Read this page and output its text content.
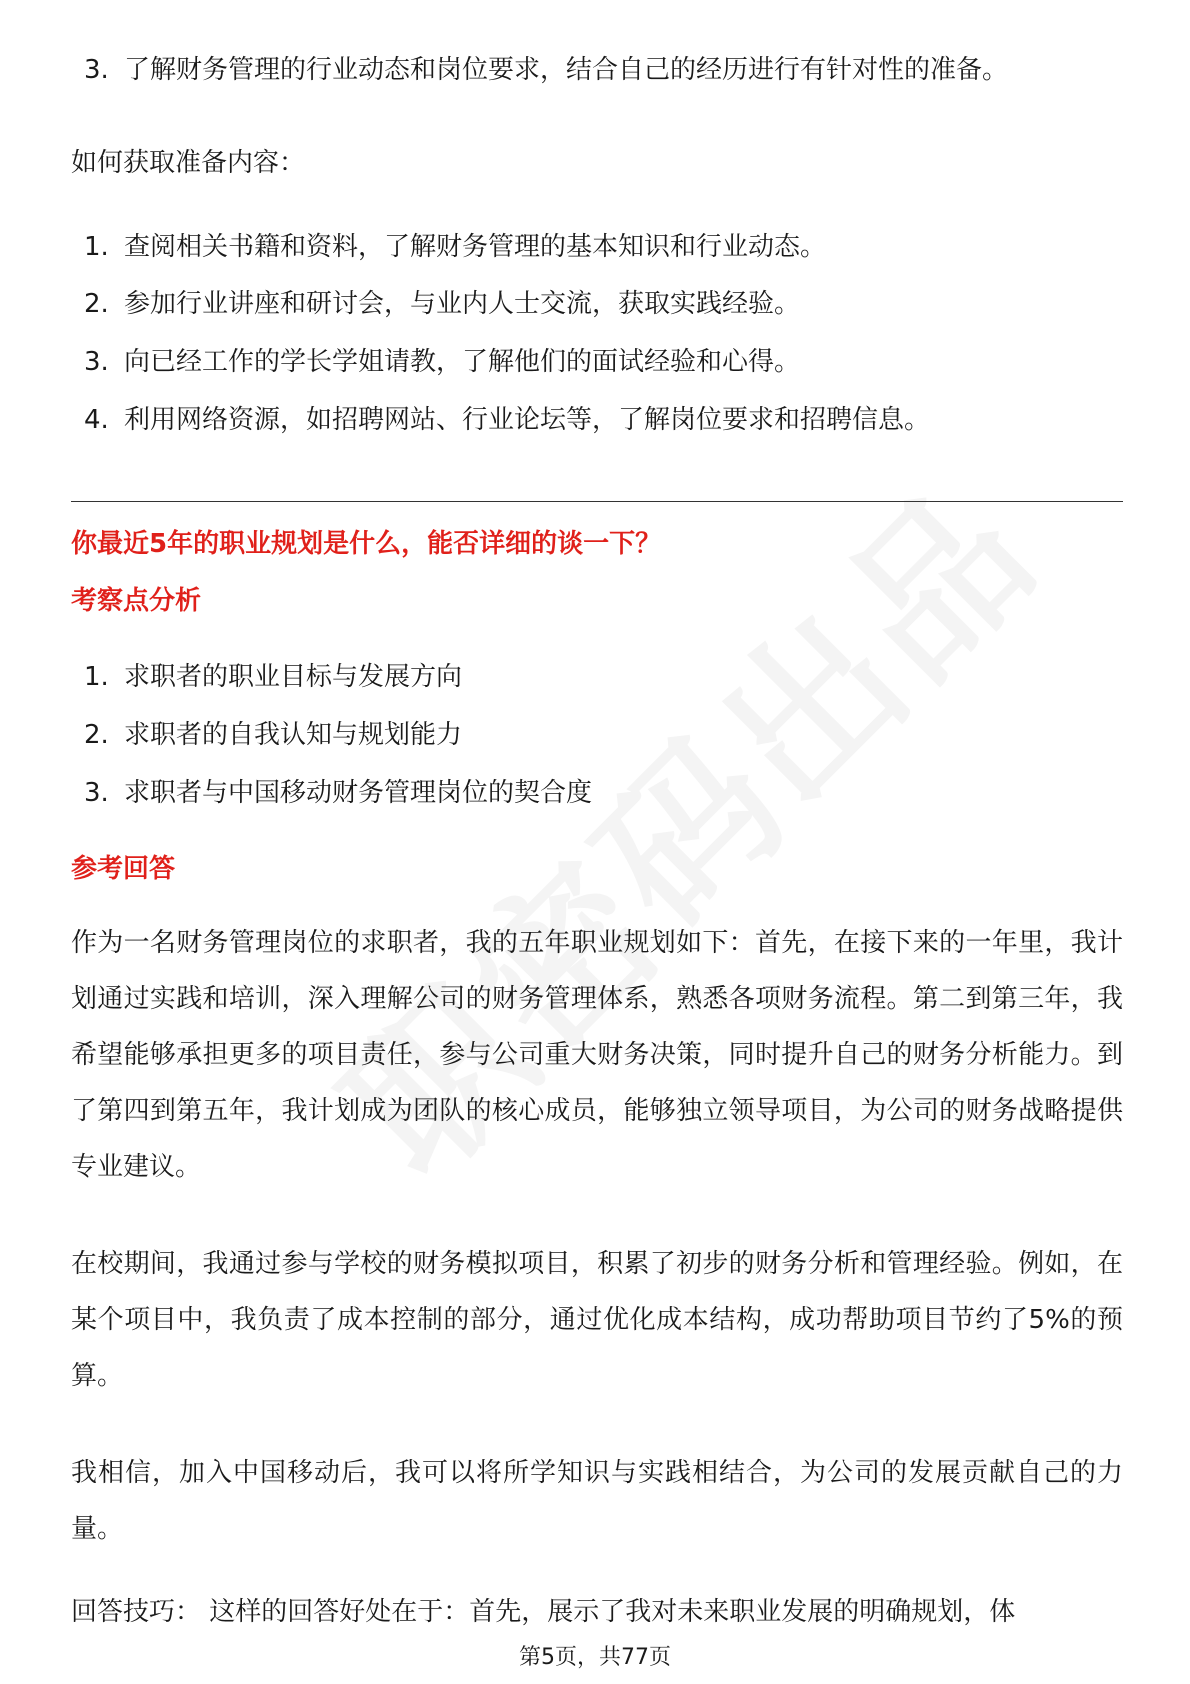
3. 了解财务管理的行业动态和岗位要求，结合自己的经历进行有针对性的准备。
如何获取准备内容：
1. 查阅相关书籍和资料，了解财务管理的基本知识和行业动态。
2. 参加行业讲座和研讨会，与业内人士交流，获取实践经验。
3. 向已经工作的学长学姐请教，了解他们的面试经验和心得。
4. 利用网络资源，如招聘网站、行业论坛等，了解岗位要求和招聘信息。
你最近5年的职业规划是什么，能否详细的谈一下？
考察点分析
1. 求职者的职业目标与发展方向
2. 求职者的自我认知与规划能力
3. 求职者与中国移动财务管理岗位的契合度
参考回答
作为一名财务管理岗位的求职者，我的五年职业规划如下：首先，在接下来的一年里，我计划通过实践和培训，深入理解公司的财务管理体系，熟悉各项财务流程。第二到第三年，我希望能够承担更多的项目责任，参与公司重大财务决策，同时提升自己的财务分析能力。到了第四到第五年，我计划成为团队的核心成员，能够独立领导项目，为公司的财务战略提供专业建议。
在校期间，我通过参与学校的财务模拟项目，积累了初步的财务分析和管理经验。例如，在某个项目中，我负责了成本控制的部分，通过优化成本结构，成功帮助项目节约了5%的预算。
我相信，加入中国移动后，我可以将所学知识与实践相结合，为公司的发展贡献自己的力量。
回答技巧： 这样的回答好处在于：首先，展示了我对未来职业发展的明确规划，体
第5页，共77页
